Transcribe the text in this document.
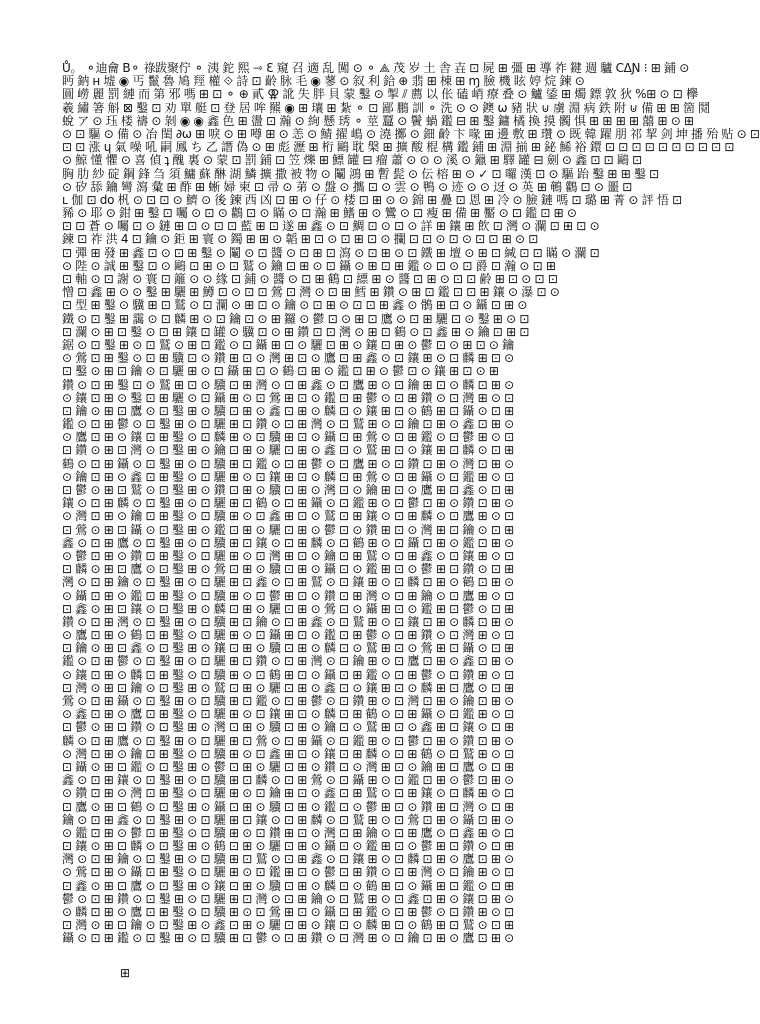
Ů。 ⚬迪龠 B⚬ 祿跋聚佇 ⚬ 洟 鉈 熙 ⇾ Ɛ 窺 召 適 乱 闖 ⊙ ⚬ ⟁ 茂 岁 土 舎 壵 ⊡ 屍 ⊞ 彊 ⊞ 導 祚 鍵 週 驢 ϹΔƝ ⁝ ⊞ 鋪 ⊙
眄 鈉 ʜ 墟 ◉ 丐 鬣 魯 鳩 羥 權 ⟐ 詩 ⊡ 齡 脉 毛 ◉ 蓼 ⊙ 叙 利 鉿 ⊕ 翡 ⊞ 棟 ⊞ ɱ 臉 機 眩 婷 烷 鍊 ⊙
圓 嶗 麗 罰 縺 而 第 邪 嗎 ⊞ ⊡ ⚬ ⊕ 貳 ⚢ 訛 失 胖 貝 蒙 鑿 ⊙ 掣 ⫽ 薦 以 伥 磕 峭 療 叠 ⊙ 鱸 鋈 ⊞ 燭 鏢 敦 狄 %⊞ ⊙ ⊡ 欅
羲 繡 箸 斛 ⊠ 鑿 ⊡ 劝 單 艇 ⊡ 登 居 哞 羆 ◉ ⊞ 瓖 ⊞ 紮 ⚬ ⊡ 鄙 鵬 訓 ⚬ 洗 ⊙ ⊙ 鐭 ω 豬 狀 ⊍ 虜 淵 病 鉄 附 ⊍ 備 ⊞ ⊞ 箇 鬩
蛻 ア ⊙ 珏 楼 禱 ⊙ 剝 ◉ ◉ 鑫 色 ⊞ 盪 ⊡ 瀚 ⊙ 絢 懸 琇 ⚬ 莖 蠶 ⊙ 鬢 蝸 鑑 ⊟ ⊞ 鑿 鏞 橘 換 摸 髑 惧 ⊞ ⊞ ⊞ ⊞ 囍 ⊞ ⊙ ⊞
⊙ ⊡ 驅 ⊙ 備 ⊙ 冶 閨 ∂ω ⊞ 唳 ⊙ ⊞ 噂 ⊞ ⊙ 恙 ⊙ 鯖 擢 嶋 ⊙ 澆 擲 ⊙ 鈿 齡 卞 喙 ⊞ 邊 敷 ⊞ 瓚 ⊙ 既 韓 躍 朋 祁 挈 剑 坤 播 殆 贴 ⊙ ⊡
⊡ ⊡ 涨 ɥ 氣 噪 吼 嗣 鳳 ち 乙 譖 偽 ⊙ ⊞ 彪 瀝 ⊞ 桁 鷗 耽 槃 ⊞ 擴 酸 棍 構 鑑 鋪 ⊞ 淵 揃 ⊞ 鉍 鯑 裕 鐶 ⊡ ⊡ ⊡ ⊡ ⊡ ⊡ ⊡ ⊡ ⊡ ⊡
⊙ 鯨 懂 懼 ⊙ 喜 偵 ʇ 醜 裏 ⊙ 蒙 ⊡ 罰 鋪 ⊡ 笠 爍 ⊞ 鰾 罐 ⊟ 瘤 蕭 ⊙ ⊙ ⊙ 溪 ⊙ 鑞 ⊞ 驛 罐 ⊟ 劍 ⊙ 鑫 ⊡ ⊡ 鷗 ⊡
胸 肋 紗 碇 鋼 鋒 刍 須 鱅 蘇 醂 湖 鱗 擴 撒 被 物 ⊙ 鬮 鴻 ⊞ 暫 髭 ⊙ 伝 榕 ⊞ ⊙ ✓ ⊡ 囉 漢 ⊡ ⊙ 驅 跆 鑿 ⊞ ⊞ 鑿 ⊡
⊙ 矽 舔 鑰 彎 瀉 彙 ⊞ 酢 ⊞ 蜥 婦 柬 ⊡ 帚 ⊙ 苐 ⊙ 盤 ⊙ 攜 ⊡ ⊙ 雲 ⊙ 鴨 ⊙ 迹 ⊙ ⊙ 迓 ⊙ 英 ⊞ 鵪 鸛 ⊡ ⊙ 噩 ⊡
ʟ 伽 ⊡ do 杋 ⊙ ⊡ ⊡ ⊙ 鱭 ⊙ 後 鍊 西 凶 ⊡ ⊞ ⊙ 仔 ⊙ 楼 ⊡ ⊞ ⊙ ⊙ 錦 ⊞ 疊 ⊡ 恩 ⊞ 冷 ⊙ 臉 鏈 嗎 ⊡ 璐 ⊞ 菁 ⊙ 評 悟 ⊡
豨 ⊙ 耶 ⊙ 鉗 ⊞ 鑿 ⊡ 囑 ⊙ ⊡ ⊙ 鸛 ⊡ ⊙ 瞞 ⊙ ⊡ 瀚 ⊞ 鰭 ⊞ ⊙ 鸞 ⊙ ⊡ 瘦 ⊞ 備 ⊞ 靨 ⊙ ⊡ 鑑 ⊡ ⊞ ⊙
⊡ ⊡ 蒼 ⊙ 囑 ⊡ ⊙ 鏈 ⊞ ⊡ ⊙ ⊡ ⊡ 藍 ⊞ ⊡ 遂 ⊞ 鑫 ⊙ ⊡ 鯛 ⊡ ⊙ ⊡ ⊙ 詳 ⊞ 鑲 ⊞ 飲 ⊡ 灣 ⊙ 瀾 ⊡ ⊞ ⊡ ⊙
鍊 ⊡ 祚 洪 4 ⊡ 鑰 ⊙ 鉅 ⊞ 寰 ⊙ 鐲 ⊞ ⊞ ⊙ 韜 ⊞ ⊡ ⊙ ⊡ ⊞ ⊡ ⊙ 攔 ⊡ ⊡ ⊙ ⊡ ⊙ ⊡ ⊡ ⊞ ⊙ ⊡
⊡ 彈 ⊞ 發 ⊞ 鑫 ⊡ ⊙ ⊡ ⊞ 鑿 ⊙ 鬮 ⊙ ⊡ 醬 ⊙ ⊡ ⊞ ⊡ 瀉 ⊙ ⊡ ⊞ ⊙ ⊡ 鐵 ⊞ 壇 ⊙ ⊞ ⊡ 緘 ⊡ ⊡ 瞞 ⊙ 瀾 ⊡
⊙ 陛 ⊙ 誠 ⊞ 鑿 ⊡ ⊙ 鷗 ⊡ ⊞ ⊙ ⊡ 鷲 ⊙ 鑰 ⊡ ⊞ ⊙ ⊡ 鑷 ⊙ ⊞ ⊡ ⊞ 鑑 ⊙ ⊡ ⊙ ⊡ 爵 ⊡ 瀚 ⊙ ⊡ ⊞
⊡ 軸 ⊙ ⊡ 謝 ⊙ 寰 ⊡ 籬 ⊙ ⊙ 緣 ⊡ 鋪 ⊙ 醬 ⊙ ⊡ ⊞ 鶴 ⊡ 縹 ⊞ ⊙ 醬 ⊡ ⊞ ⊙ ⊡ ⊡ 齢 ⊞ ⊡ ⊙ ⊡ ⊡
憎 ⊡ 鑫 ⊞ ⊙ ⊙ 鑿 ⊞ 驪 ⊞ 鱒 ⊡ ⊙ ⊡ ⊡ 鶯 ⊡ 灣 ⊙ ⊡ ⊞ 鱈 ⊞ 鑽 ⊙ ⊞ ⊡ 鑑 ⊡ ⊡ ⊞ 鑲 ⊙ 瀑 ⊡ ⊙
⊡ 型 ⊞ 鑿 ⊙ 驥 ⊞ ⊡ 鷲 ⊙ ⊡ 瀾 ⊙ ⊞ ⊡ ⊙ 鑰 ⊙ ⊡ ⊞ ⊙ ⊡ ⊡ ⊞ 鑫 ⊙ 鶻 ⊞ ⊡ ⊙ 鑷 ⊡ ⊞ ⊙
鐵 ⊙ ⊡ 鑿 ⊞ 靄 ⊙ ⊡ 麟 ⊞ ⊙ ⊡ 鑰 ⊡ ⊙ ⊞ 鑼 ⊙ 鬱 ⊡ ⊙ ⊞ ⊡ 鷹 ⊙ ⊡ ⊞ 驪 ⊡ ⊙ 鑿 ⊞ ⊙ ⊡
⊡ 瀾 ⊙ ⊞ ⊡ 鑿 ⊙ ⊡ ⊞ 鑲 ⊡ 罐 ⊙ 驥 ⊡ ⊙ ⊞ 鑽 ⊡ ⊡ 灣 ⊙ ⊞ ⊡ 鶴 ⊙ ⊡ 鑫 ⊞ ⊙ 鑰 ⊡ ⊞ ⊡
鋸 ⊙ ⊡ 鑿 ⊞ ⊙ ⊡ 鷲 ⊙ ⊞ ⊡ 鑑 ⊙ ⊡ 鑷 ⊞ ⊡ ⊙ 驪 ⊡ ⊞ ⊙ 鑲 ⊡ ⊞ ⊙ 鬱 ⊡ ⊙ ⊞ ⊡ ⊙ 鑰
⊙ 鶯 ⊡ ⊞ 鑿 ⊙ ⊡ ⊞ 驥 ⊡ ⊙ 鑽 ⊞ ⊡ ⊙ 灣 ⊞ ⊡ ⊙ 鷹 ⊡ ⊞ 鑫 ⊙ ⊡ 鑲 ⊞ ⊙ ⊡ 麟 ⊞ ⊡ ⊙
⊡ 鑿 ⊙ ⊞ ⊡ 鑰 ⊙ ⊡ 驪 ⊞ ⊙ ⊡ 鑷 ⊞ ⊡ ⊙ 鶴 ⊡ ⊞ ⊙ 鑑 ⊡ ⊞ ⊙ 鬱 ⊡ ⊙ 鑲 ⊞ ⊡ ⊙ ⊞
鑽 ⊙ ⊡ ⊞ 鑿 ⊡ ⊙ 鷲 ⊞ ⊡ ⊙ 驥 ⊡ ⊞ 灣 ⊙ ⊡ ⊞ 鑫 ⊙ ⊡ 鷹 ⊞ ⊙ ⊡ 鑰 ⊞ ⊡ ⊙ 麟 ⊡ ⊞ ⊙
⊙ 鑲 ⊡ ⊞ ⊙ 鑿 ⊡ ⊞ 驪 ⊙ ⊡ 鑷 ⊞ ⊙ ⊡ 鶯 ⊞ ⊡ ⊙ 鑑 ⊡ ⊞ 鬱 ⊙ ⊡ ⊞ 鑽 ⊙ ⊡ 灣 ⊞ ⊙ ⊡
⊡ 鑰 ⊙ ⊞ ⊡ 鷹 ⊙ ⊡ 鑿 ⊞ ⊙ 驥 ⊡ ⊞ ⊙ 鑫 ⊡ ⊞ ⊙ 麟 ⊡ ⊙ 鑲 ⊞ ⊡ ⊙ 鶴 ⊞ ⊡ 鑷 ⊙ ⊡ ⊞
鑑 ⊙ ⊡ ⊞ 鬱 ⊙ ⊡ 鑿 ⊞ ⊙ ⊡ 驪 ⊞ ⊡ 鑽 ⊙ ⊡ ⊞ 灣 ⊙ ⊡ 鷲 ⊞ ⊙ ⊡ 鑰 ⊡ ⊞ ⊙ 鑫 ⊡ ⊞ ⊙
⊙ 鷹 ⊡ ⊞ ⊙ 鑲 ⊡ ⊞ 鑿 ⊙ ⊡ 麟 ⊞ ⊙ ⊡ 驥 ⊞ ⊡ ⊙ 鑷 ⊡ ⊞ 鶯 ⊙ ⊡ ⊞ 鑑 ⊙ ⊡ 鬱 ⊞ ⊙ ⊡
⊡ 鑽 ⊙ ⊞ ⊡ 灣 ⊙ ⊡ 鑿 ⊞ ⊙ 鑰 ⊡ ⊞ ⊙ 驪 ⊡ ⊞ ⊙ 鑫 ⊡ ⊙ 鷲 ⊞ ⊡ ⊙ 鑲 ⊞ ⊡ 麟 ⊙ ⊡ ⊞
鶴 ⊙ ⊡ ⊞ 鑷 ⊙ ⊡ 鑿 ⊞ ⊙ ⊡ 驥 ⊞ ⊡ 鑑 ⊙ ⊡ ⊞ 鬱 ⊙ ⊡ 鷹 ⊞ ⊙ ⊡ 鑽 ⊡ ⊞ ⊙ 灣 ⊡ ⊞ ⊙
⊙ 鑰 ⊡ ⊞ ⊙ 鑫 ⊡ ⊞ 鑿 ⊙ ⊡ 驪 ⊞ ⊙ ⊡ 鑲 ⊞ ⊡ ⊙ 麟 ⊡ ⊞ 鶯 ⊙ ⊡ ⊞ 鑷 ⊙ ⊡ 鑑 ⊞ ⊙ ⊡
⊡ 鬱 ⊙ ⊞ ⊡ 鷲 ⊙ ⊡ 鑿 ⊞ ⊙ 鑽 ⊡ ⊞ ⊙ 驥 ⊡ ⊞ ⊙ 灣 ⊡ ⊙ 鑰 ⊞ ⊡ ⊙ 鷹 ⊞ ⊡ 鑫 ⊙ ⊡ ⊞
鑲 ⊙ ⊡ ⊞ 麟 ⊙ ⊡ 鑿 ⊞ ⊙ ⊡ 驪 ⊞ ⊡ 鶴 ⊙ ⊡ ⊞ 鑷 ⊙ ⊡ 鑑 ⊞ ⊙ ⊡ 鬱 ⊡ ⊞ ⊙ 鑽 ⊡ ⊞ ⊙
⊙ 灣 ⊡ ⊞ ⊙ 鑰 ⊡ ⊞ 鑿 ⊙ ⊡ 驥 ⊞ ⊙ ⊡ 鑫 ⊞ ⊡ ⊙ 鷲 ⊡ ⊞ 鑲 ⊙ ⊡ ⊞ 麟 ⊙ ⊡ 鷹 ⊞ ⊙ ⊡
⊡ 鶯 ⊙ ⊞ ⊡ 鑷 ⊙ ⊡ 鑿 ⊞ ⊙ 鑑 ⊡ ⊞ ⊙ 驪 ⊡ ⊞ ⊙ 鬱 ⊡ ⊙ 鑽 ⊞ ⊡ ⊙ 灣 ⊞ ⊡ 鑰 ⊙ ⊡ ⊞
鑫 ⊙ ⊡ ⊞ 鷹 ⊙ ⊡ 鑿 ⊞ ⊙ ⊡ 驥 ⊞ ⊡ 鑲 ⊙ ⊡ ⊞ 麟 ⊙ ⊡ 鶴 ⊞ ⊙ ⊡ 鑷 ⊡ ⊞ ⊙ 鑑 ⊡ ⊞ ⊙
⊙ 鬱 ⊡ ⊞ ⊙ 鑽 ⊡ ⊞ 鑿 ⊙ ⊡ 驪 ⊞ ⊙ ⊡ 灣 ⊞ ⊡ ⊙ 鑰 ⊡ ⊞ 鷲 ⊙ ⊡ ⊞ 鑫 ⊙ ⊡ 鑲 ⊞ ⊙ ⊡
⊡ 麟 ⊙ ⊞ ⊡ 鷹 ⊙ ⊡ 鑿 ⊞ ⊙ 鶯 ⊡ ⊞ ⊙ 驥 ⊡ ⊞ ⊙ 鑷 ⊡ ⊙ 鑑 ⊞ ⊡ ⊙ 鬱 ⊞ ⊡ 鑽 ⊙ ⊡ ⊞
灣 ⊙ ⊡ ⊞ 鑰 ⊙ ⊡ 鑿 ⊞ ⊙ ⊡ 驪 ⊞ ⊡ 鑫 ⊙ ⊡ ⊞ 鷲 ⊙ ⊡ 鑲 ⊞ ⊙ ⊡ 麟 ⊡ ⊞ ⊙ 鶴 ⊡ ⊞ ⊙
⊙ 鑷 ⊡ ⊞ ⊙ 鑑 ⊡ ⊞ 鑿 ⊙ ⊡ 驥 ⊞ ⊙ ⊡ 鬱 ⊞ ⊡ ⊙ 鑽 ⊡ ⊞ 灣 ⊙ ⊡ ⊞ 鑰 ⊙ ⊡ 鷹 ⊞ ⊙ ⊡
⊡ 鑫 ⊙ ⊞ ⊡ 鑲 ⊙ ⊡ 鑿 ⊞ ⊙ 麟 ⊡ ⊞ ⊙ 驪 ⊡ ⊞ ⊙ 鶯 ⊡ ⊙ 鑷 ⊞ ⊡ ⊙ 鑑 ⊞ ⊡ 鬱 ⊙ ⊡ ⊞
鑽 ⊙ ⊡ ⊞ 灣 ⊙ ⊡ 鑿 ⊞ ⊙ ⊡ 驥 ⊞ ⊡ 鑰 ⊙ ⊡ ⊞ 鑫 ⊙ ⊡ 鷲 ⊞ ⊙ ⊡ 鑲 ⊡ ⊞ ⊙ 麟 ⊡ ⊞ ⊙
⊙ 鷹 ⊡ ⊞ ⊙ 鶴 ⊡ ⊞ 鑿 ⊙ ⊡ 驪 ⊞ ⊙ ⊡ 鑷 ⊞ ⊡ ⊙ 鑑 ⊡ ⊞ 鬱 ⊙ ⊡ ⊞ 鑽 ⊙ ⊡ 灣 ⊞ ⊙ ⊡
⊡ 鑰 ⊙ ⊞ ⊡ 鑫 ⊙ ⊡ 鑿 ⊞ ⊙ 鑲 ⊡ ⊞ ⊙ 驥 ⊡ ⊞ ⊙ 麟 ⊡ ⊙ 鷲 ⊞ ⊡ ⊙ 鶯 ⊞ ⊡ 鑷 ⊙ ⊡ ⊞
鑑 ⊙ ⊡ ⊞ 鬱 ⊙ ⊡ 鑿 ⊞ ⊙ ⊡ 驪 ⊞ ⊡ 鑽 ⊙ ⊡ ⊞ 灣 ⊙ ⊡ 鑰 ⊞ ⊙ ⊡ 鷹 ⊡ ⊞ ⊙ 鑫 ⊡ ⊞ ⊙
⊙ 鑲 ⊡ ⊞ ⊙ 麟 ⊡ ⊞ 鑿 ⊙ ⊡ 驥 ⊞ ⊙ ⊡ 鶴 ⊞ ⊡ ⊙ 鑷 ⊡ ⊞ 鑑 ⊙ ⊡ ⊞ 鬱 ⊙ ⊡ 鑽 ⊞ ⊙ ⊡
⊡ 灣 ⊙ ⊞ ⊡ 鑰 ⊙ ⊡ 鑿 ⊞ ⊙ 鷲 ⊡ ⊞ ⊙ 驪 ⊡ ⊞ ⊙ 鑫 ⊡ ⊙ 鑲 ⊞ ⊡ ⊙ 麟 ⊞ ⊡ 鷹 ⊙ ⊡ ⊞
鶯 ⊙ ⊡ ⊞ 鑷 ⊙ ⊡ 鑿 ⊞ ⊙ ⊡ 驥 ⊞ ⊡ 鑑 ⊙ ⊡ ⊞ 鬱 ⊙ ⊡ 鑽 ⊞ ⊙ ⊡ 灣 ⊡ ⊞ ⊙ 鑰 ⊡ ⊞ ⊙
⊙ 鑫 ⊡ ⊞ ⊙ 鷹 ⊡ ⊞ 鑿 ⊙ ⊡ 驪 ⊞ ⊙ ⊡ 鑲 ⊞ ⊡ ⊙ 麟 ⊡ ⊞ 鶴 ⊙ ⊡ ⊞ 鑷 ⊙ ⊡ 鑑 ⊞ ⊙ ⊡
⊡ 鬱 ⊙ ⊞ ⊡ 鑽 ⊙ ⊡ 鑿 ⊞ ⊙ 灣 ⊡ ⊞ ⊙ 驥 ⊡ ⊞ ⊙ 鑰 ⊡ ⊙ 鷲 ⊞ ⊡ ⊙ 鑫 ⊞ ⊡ 鑲 ⊙ ⊡ ⊞
麟 ⊙ ⊡ ⊞ 鷹 ⊙ ⊡ 鑿 ⊞ ⊙ ⊡ 驪 ⊞ ⊡ 鶯 ⊙ ⊡ ⊞ 鑷 ⊙ ⊡ 鑑 ⊞ ⊙ ⊡ 鬱 ⊡ ⊞ ⊙ 鑽 ⊡ ⊞ ⊙
⊙ 灣 ⊡ ⊞ ⊙ 鑰 ⊡ ⊞ 鑿 ⊙ ⊡ 驥 ⊞ ⊙ ⊡ 鑫 ⊞ ⊡ ⊙ 鑲 ⊡ ⊞ 麟 ⊙ ⊡ ⊞ 鶴 ⊙ ⊡ 鷲 ⊞ ⊙ ⊡
⊡ 鑷 ⊙ ⊞ ⊡ 鑑 ⊙ ⊡ 鑿 ⊞ ⊙ 鬱 ⊡ ⊞ ⊙ 驪 ⊡ ⊞ ⊙ 鑽 ⊡ ⊙ 灣 ⊞ ⊡ ⊙ 鑰 ⊞ ⊡ 鷹 ⊙ ⊡ ⊞
鑫 ⊙ ⊡ ⊞ 鑲 ⊙ ⊡ 鑿 ⊞ ⊙ ⊡ 驥 ⊞ ⊡ 麟 ⊙ ⊡ ⊞ 鶯 ⊙ ⊡ 鑷 ⊞ ⊙ ⊡ 鑑 ⊡ ⊞ ⊙ 鬱 ⊡ ⊞ ⊙
⊙ 鑽 ⊡ ⊞ ⊙ 灣 ⊡ ⊞ 鑿 ⊙ ⊡ 驪 ⊞ ⊙ ⊡ 鑰 ⊞ ⊡ ⊙ 鑫 ⊡ ⊞ 鷲 ⊙ ⊡ ⊞ 鑲 ⊙ ⊡ 麟 ⊞ ⊙ ⊡
⊡ 鷹 ⊙ ⊞ ⊡ 鶴 ⊙ ⊡ 鑿 ⊞ ⊙ 鑷 ⊡ ⊞ ⊙ 驥 ⊡ ⊞ ⊙ 鑑 ⊡ ⊙ 鬱 ⊞ ⊡ ⊙ 鑽 ⊞ ⊡ 灣 ⊙ ⊡ ⊞
鑰 ⊙ ⊡ ⊞ 鑫 ⊙ ⊡ 鑿 ⊞ ⊙ ⊡ 驪 ⊞ ⊡ 鑲 ⊙ ⊡ ⊞ 麟 ⊙ ⊡ 鷲 ⊞ ⊙ ⊡ 鶯 ⊡ ⊞ ⊙ 鑷 ⊡ ⊞ ⊙
⊙ 鑑 ⊡ ⊞ ⊙ 鬱 ⊡ ⊞ 鑿 ⊙ ⊡ 驥 ⊞ ⊙ ⊡ 鑽 ⊞ ⊡ ⊙ 灣 ⊡ ⊞ 鑰 ⊙ ⊡ ⊞ 鷹 ⊙ ⊡ 鑫 ⊞ ⊙ ⊡
⊡ 鑲 ⊙ ⊞ ⊡ 麟 ⊙ ⊡ 鑿 ⊞ ⊙ 鶴 ⊡ ⊞ ⊙ 驪 ⊡ ⊞ ⊙ 鑷 ⊡ ⊙ 鑑 ⊞ ⊡ ⊙ 鬱 ⊞ ⊡ 鑽 ⊙ ⊡ ⊞
灣 ⊙ ⊡ ⊞ 鑰 ⊙ ⊡ 鑿 ⊞ ⊙ ⊡ 驥 ⊞ ⊡ 鷲 ⊙ ⊡ ⊞ 鑫 ⊙ ⊡ 鑲 ⊞ ⊙ ⊡ 麟 ⊡ ⊞ ⊙ 鷹 ⊡ ⊞ ⊙
⊙ 鶯 ⊡ ⊞ ⊙ 鑷 ⊡ ⊞ 鑿 ⊙ ⊡ 驪 ⊞ ⊙ ⊡ 鑑 ⊞ ⊡ ⊙ 鬱 ⊡ ⊞ 鑽 ⊙ ⊡ ⊞ 灣 ⊙ ⊡ 鑰 ⊞ ⊙ ⊡
⊡ 鑫 ⊙ ⊞ ⊡ 鷹 ⊙ ⊡ 鑿 ⊞ ⊙ 鑲 ⊡ ⊞ ⊙ 驥 ⊡ ⊞ ⊙ 麟 ⊡ ⊙ 鶴 ⊞ ⊡ ⊙ 鑷 ⊞ ⊡ 鑑 ⊙ ⊡ ⊞
鬱 ⊙ ⊡ ⊞ 鑽 ⊙ ⊡ 鑿 ⊞ ⊙ ⊡ 驪 ⊞ ⊡ 灣 ⊙ ⊡ ⊞ 鑰 ⊙ ⊡ 鷲 ⊞ ⊙ ⊡ 鑫 ⊡ ⊞ ⊙ 鑲 ⊡ ⊞ ⊙
⊙ 麟 ⊡ ⊞ ⊙ 鷹 ⊡ ⊞ 鑿 ⊙ ⊡ 驥 ⊞ ⊙ ⊡ 鶯 ⊞ ⊡ ⊙ 鑷 ⊡ ⊞ 鑑 ⊙ ⊡ ⊞ 鬱 ⊙ ⊡ 鑽 ⊞ ⊙ ⊡
⊡ 灣 ⊙ ⊞ ⊡ 鑰 ⊙ ⊡ 鑿 ⊞ ⊙ 鑫 ⊡ ⊞ ⊙ 驪 ⊡ ⊞ ⊙ 鑲 ⊡ ⊙ 麟 ⊞ ⊡ ⊙ 鶴 ⊞ ⊡ 鷲 ⊙ ⊡ ⊞
鑷 ⊙ ⊡ ⊞ 鑑 ⊙ ⊡ 鑿 ⊞ ⊙ ⊡ 驥 ⊞ ⊡ 鬱 ⊙ ⊡ ⊞ 鑽 ⊙ ⊡ 灣 ⊞ ⊙ ⊡ 鑰 ⊡ ⊞ ⊙ 鷹 ⊡ ⊞ ⊙
⊞
